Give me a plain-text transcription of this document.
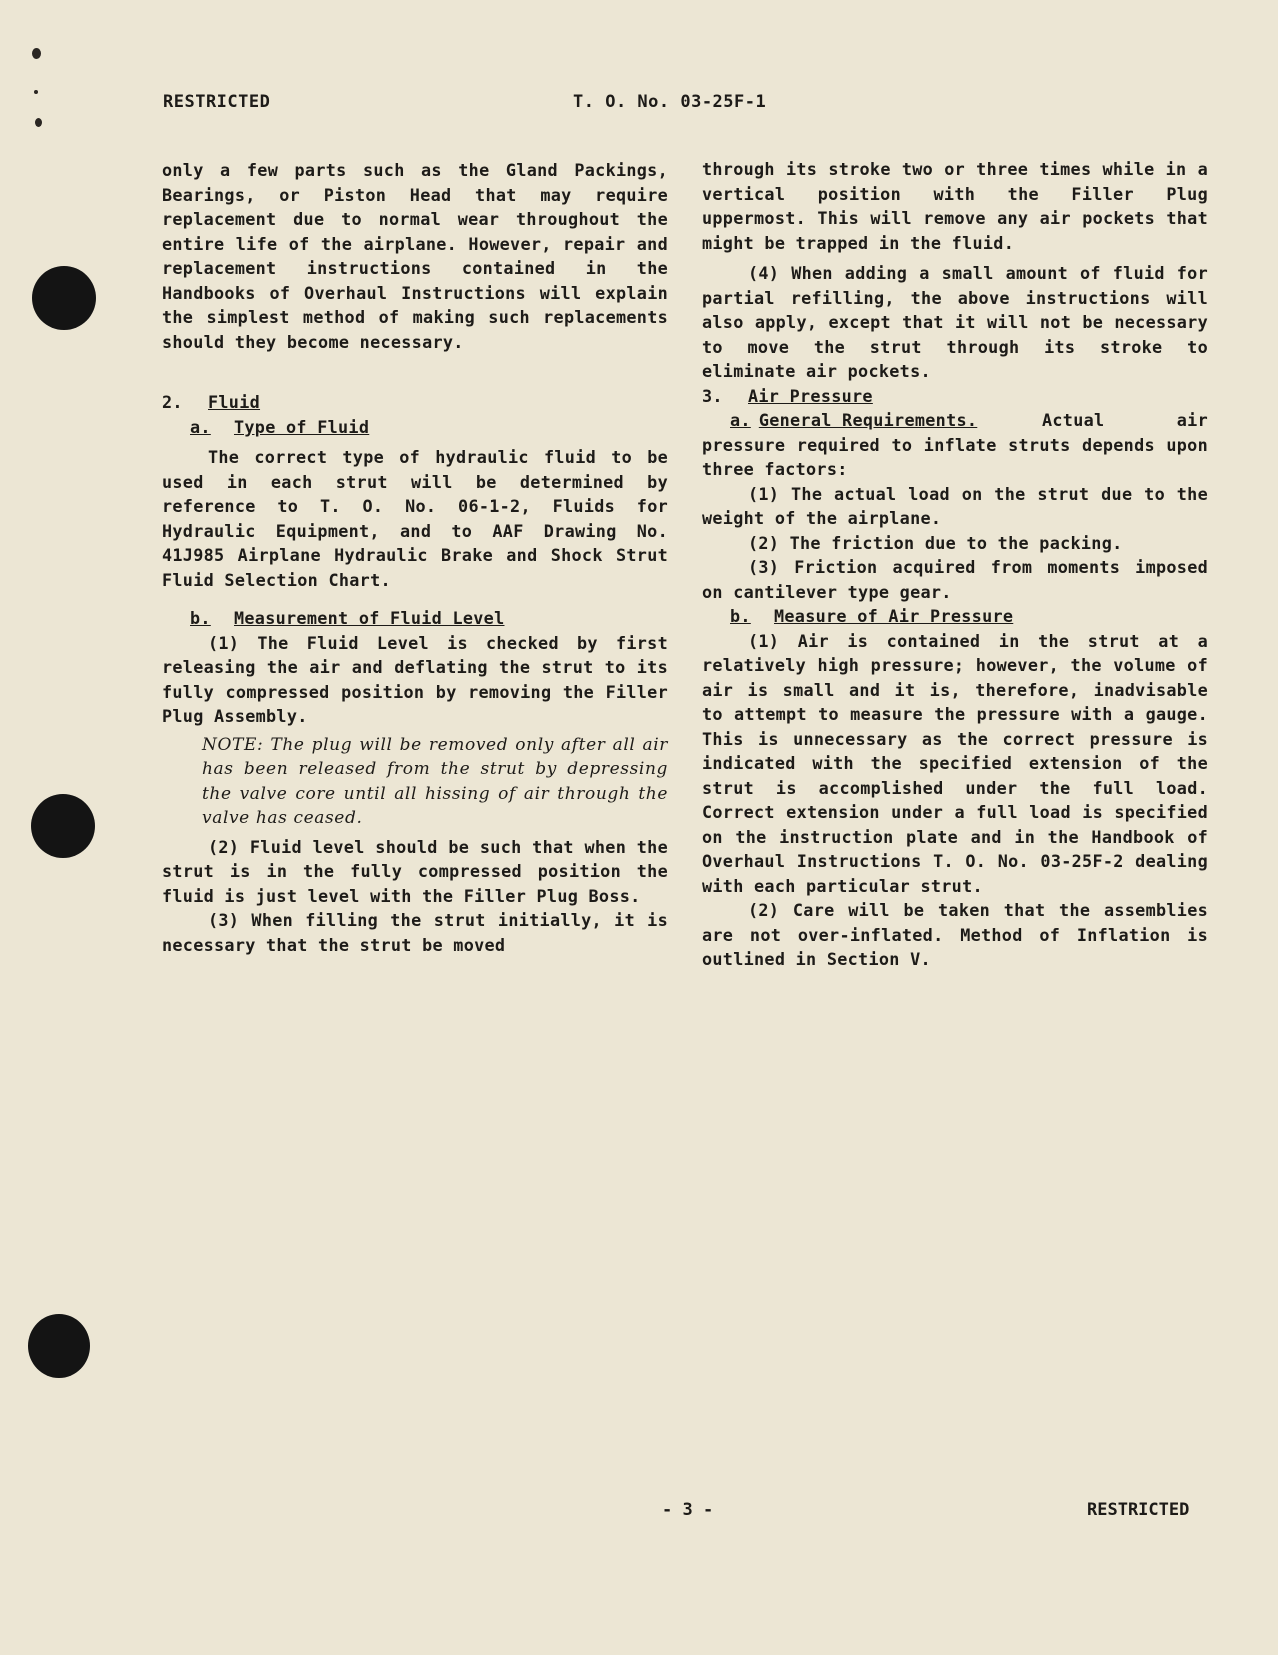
RESTRICTED	T. O. No. 03-25F-1

only a few parts such as the Gland Packings, Bearings, or Piston Head that may require replacement due to normal wear throughout the entire life of the airplane. However, repair and replacement instructions contained in the Handbooks of Overhaul Instructions will explain the simplest method of making such replacements should they become necessary.

2. Fluid

a. Type of Fluid

The correct type of hydraulic fluid to be used in each strut will be determined by reference to T. O. No. 06-1-2, Fluids for Hydraulic Equipment, and to AAF Drawing No. 41J985 Airplane Hydraulic Brake and Shock Strut Fluid Selection Chart.

b. Measurement of Fluid Level

(1) The Fluid Level is checked by first releasing the air and deflating the strut to its fully compressed position by removing the Filler Plug Assembly.

NOTE: The plug will be removed only after all air has been released from the strut by depressing the valve core until all hissing of air through the valve has ceased.

(2) Fluid level should be such that when the strut is in the fully compressed position the fluid is just level with the Filler Plug Boss.

(3) When filling the strut initially, it is necessary that the strut be moved

through its stroke two or three times while in a vertical position with the Filler Plug uppermost. This will remove any air pockets that might be trapped in the fluid.

(4) When adding a small amount of fluid for partial refilling, the above instructions will also apply, except that it will not be necessary to move the strut through its stroke to eliminate air pockets.

3. Air Pressure

a. General Requirements.	Actual air pressure required to inflate struts depends upon three factors:

(1) The actual load on the strut due to the weight of the airplane.

(2) The friction due to the packing.

(3) Friction acquired from moments imposed on cantilever type gear.

b. Measure of Air Pressure

(1) Air is contained in the strut at a relatively high pressure; however, the volume of air is small and it is, therefore, inadvisable to attempt to measure the pressure with a gauge. This is unnecessary as the correct pressure is indicated with the specified extension of the strut is accomplished under the full load. Correct extension under a full load is specified on the instruction plate and in the Handbook of Overhaul Instructions T. O. No. 03-25F-2 dealing with each particular strut.

(2) Care will be taken that the assemblies are not over-inflated. Method of Inflation is outlined in Section V.

- 3 -	RESTRICTED
